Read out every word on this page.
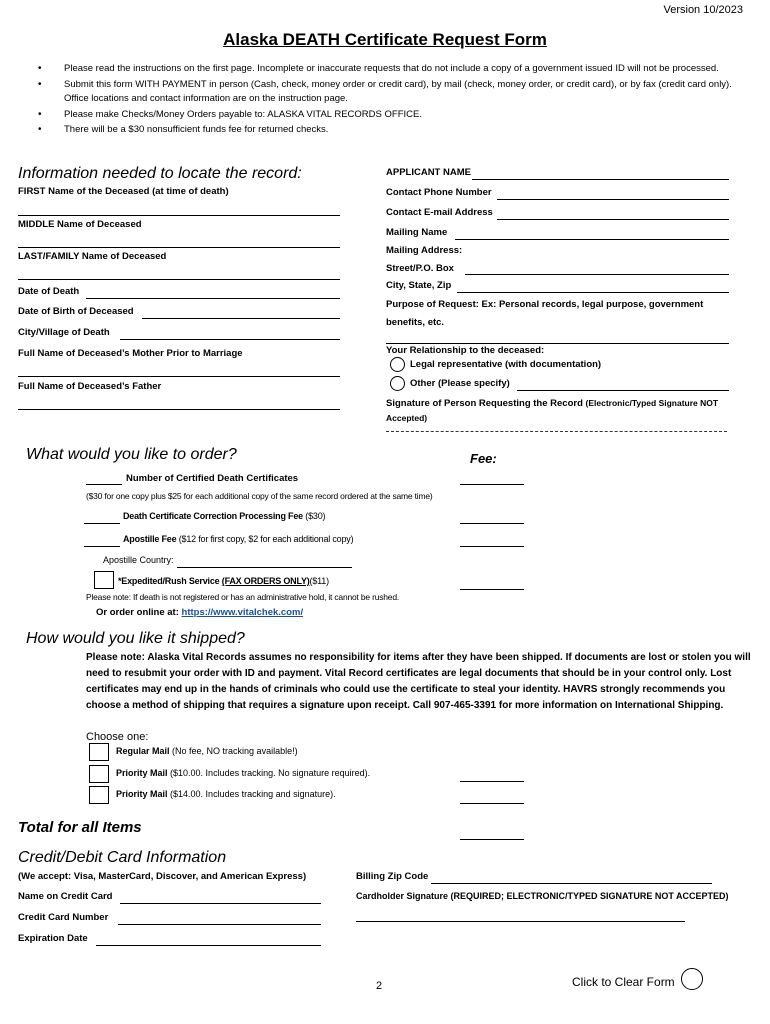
Version 10/2023
Alaska DEATH Certificate Request Form
• Please read the instructions on the first page. Incomplete or inaccurate requests that do not include a copy of a government issued ID will not be processed.
• Submit this form WITH PAYMENT in person (Cash, check, money order or credit card), by mail (check, money order, or credit card), or by fax (credit card only). Office locations and contact information are on the instruction page.
• Please make Checks/Money Orders payable to: ALASKA VITAL RECORDS OFFICE.
• There will be a $30 nonsufficient funds fee for returned checks.
Information needed to locate the record:
FIRST Name of the Deceased (at time of death)
MIDDLE Name of Deceased
LAST/FAMILY Name of Deceased
Date of Death
Date of Birth of Deceased
City/Village of Death
Full Name of Deceased’s Mother Prior to Marriage
Full Name of Deceased’s Father
APPLICANT NAME
Contact Phone Number
Contact E-mail Address
Mailing Name
Mailing Address:
Street/P.O. Box
City, State, Zip
Purpose of Request: Ex: Personal records, legal purpose, government benefits, etc.
Your Relationship to the deceased:
Legal representative (with documentation)
Other (Please specify)
Signature of Person Requesting the Record (Electronic/Typed Signature NOT Accepted)
What would you like to order?	Fee:
Number of Certified Death Certificates
($30 for one copy plus $25 for each additional copy of the same record ordered at the same time)
Death Certificate Correction Processing Fee ($30)
Apostille Fee ($12 for first copy, $2 for each additional copy)
Apostille Country:
*Expedited/Rush Service (FAX ORDERS ONLY)($11)
Please note: If death is not registered or has an administrative hold, it cannot be rushed.
Or order online at: https://www.vitalchek.com/
How would you like it shipped?
Please note: Alaska Vital Records assumes no responsibility for items after they have been shipped. If documents are lost or stolen you will need to resubmit your order with ID and payment. Vital Record certificates are legal documents that should be in your control only. Lost certificates may end up in the hands of criminals who could use the certificate to steal your identity. HAVRS strongly recommends you choose a method of shipping that requires a signature upon receipt. Call 907-465-3391 for more information on International Shipping.
Choose one:
Regular Mail (No fee, NO tracking available!)
Priority Mail ($10.00. Includes tracking. No signature required).
Priority Mail ($14.00. Includes tracking and signature).
Total for all Items
Credit/Debit Card Information
(We accept: Visa, MasterCard, Discover, and American Express)
Name on Credit Card
Credit Card Number
Expiration Date
Billing Zip Code
Cardholder Signature (REQUIRED; ELECTRONIC/TYPED SIGNATURE NOT ACCEPTED)
2	Click to Clear Form
